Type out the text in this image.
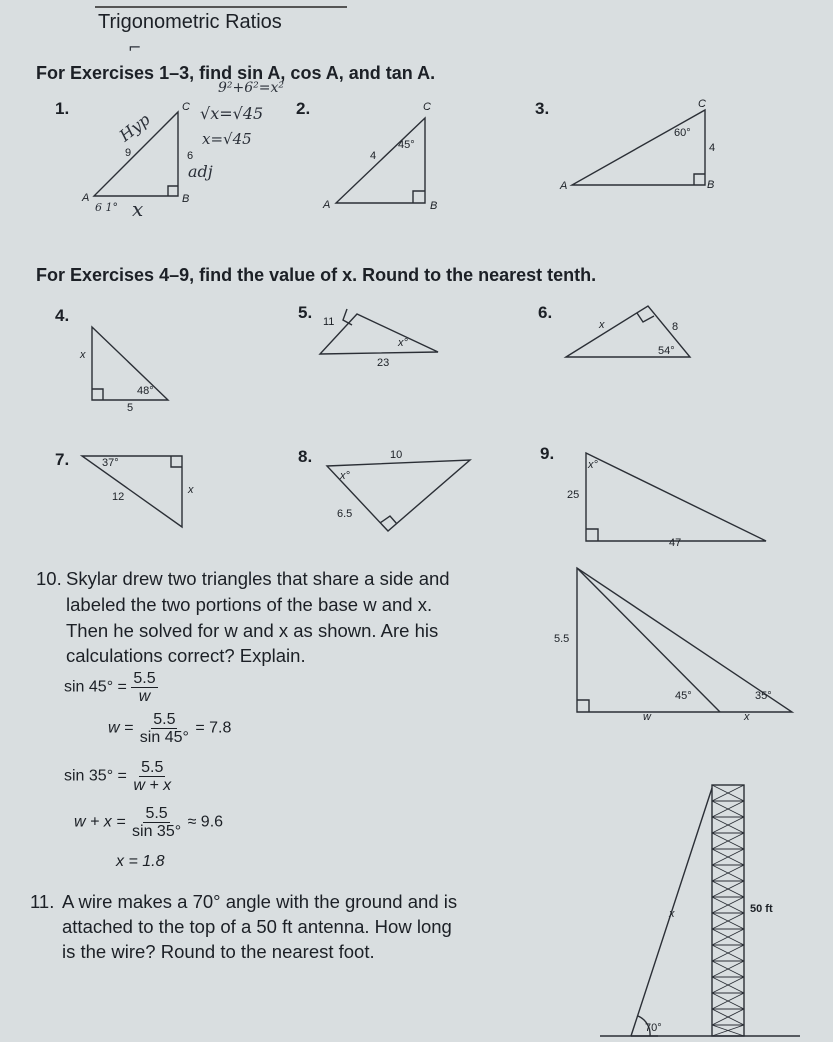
Trigonometric Ratios
For Exercises 1–3, find sin A, cos A, and tan A.
1.	2.	3.
For Exercises 4–9, find the value of x. Round to the nearest tenth.
4.	5.	6.
7.	8.	9.
10. Skylar drew two triangles that share a side and
labeled the two portions of the base w and x.
Then he solved for w and x as shown. Are his
calculations correct? Explain.
$\sin 45^\circ = \frac{5.5}{w}$
$w = \frac{5.5}{\sin 45^\circ} = 7.8$
$\sin 35^\circ = \frac{5.5}{w + x}$
$w + x = \frac{5.5}{\sin 35^\circ} \approx 9.6$
x = 1.8
11. A wire makes a 70° angle with the ground and is
attached to the top of a 50 ft antenna. How long
is the wire? Round to the nearest foot.
A	B
C
9	6
A	B
C
4
45°
A	B
C
4
60°
Hyp
adj
x
6 1°
9²+6²=x²
√x=√45
x=√45
⌐
x
48°
5
11
23
x°
x	8
54°
37°
12
x
10
6.5
x°
x°
25
47
5.5
w	x
45°	35°
x
70°
50 ft
